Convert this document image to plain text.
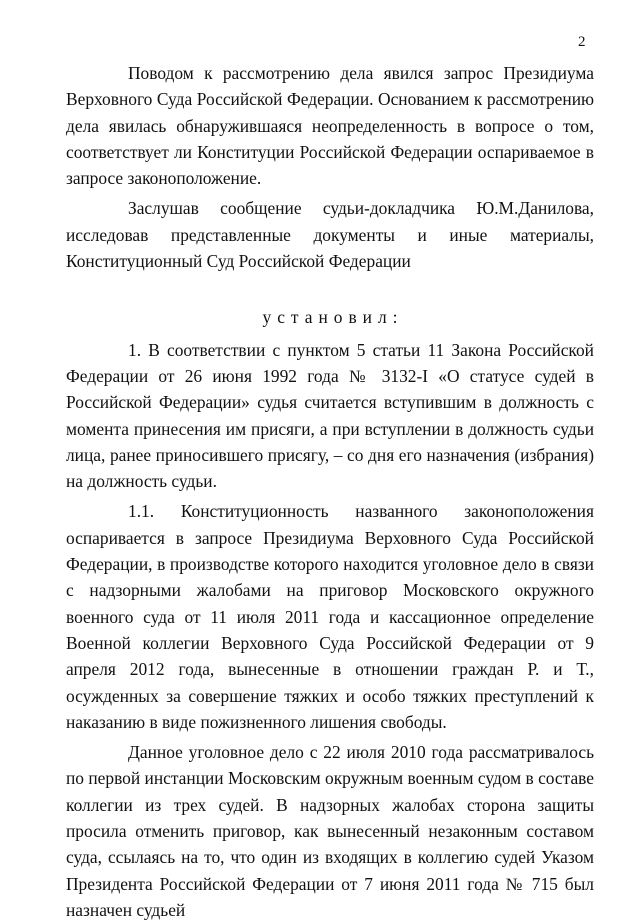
2

Поводом к рассмотрению дела явился запрос Президиума Верховного Суда Российской Федерации. Основанием к рассмотрению дела явилась обнаружившаяся неопределенность в вопросе о том, соответствует ли Конституции Российской Федерации оспариваемое в запросе законоположение.

Заслушав сообщение судьи-докладчика Ю.М.Данилова, исследовав представленные документы и иные материалы, Конституционный Суд Российской Федерации

установил:

1. В соответствии с пунктом 5 статьи 11 Закона Российской Федерации от 26 июня 1992 года № 3132-I «О статусе судей в Российской Федерации» судья считается вступившим в должность с момента принесения им присяги, а при вступлении в должность судьи лица, ранее приносившего присягу, – со дня его назначения (избрания) на должность судьи.

1.1. Конституционность названного законоположения оспаривается в запросе Президиума Верховного Суда Российской Федерации, в производстве которого находится уголовное дело в связи с надзорными жалобами на приговор Московского окружного военного суда от 11 июля 2011 года и кассационное определение Военной коллегии Верховного Суда Российской Федерации от 9 апреля 2012 года, вынесенные в отношении граждан Р. и Т., осужденных за совершение тяжких и особо тяжких преступлений к наказанию в виде пожизненного лишения свободы.

Данное уголовное дело с 22 июля 2010 года рассматривалось по первой инстанции Московским окружным военным судом в составе коллегии из трех судей. В надзорных жалобах сторона защиты просила отменить приговор, как вынесенный незаконным составом суда, ссылаясь на то, что один из входящих в коллегию судей Указом Президента Российской Федерации от 7 июня 2011 года № 715 был назначен судьей
